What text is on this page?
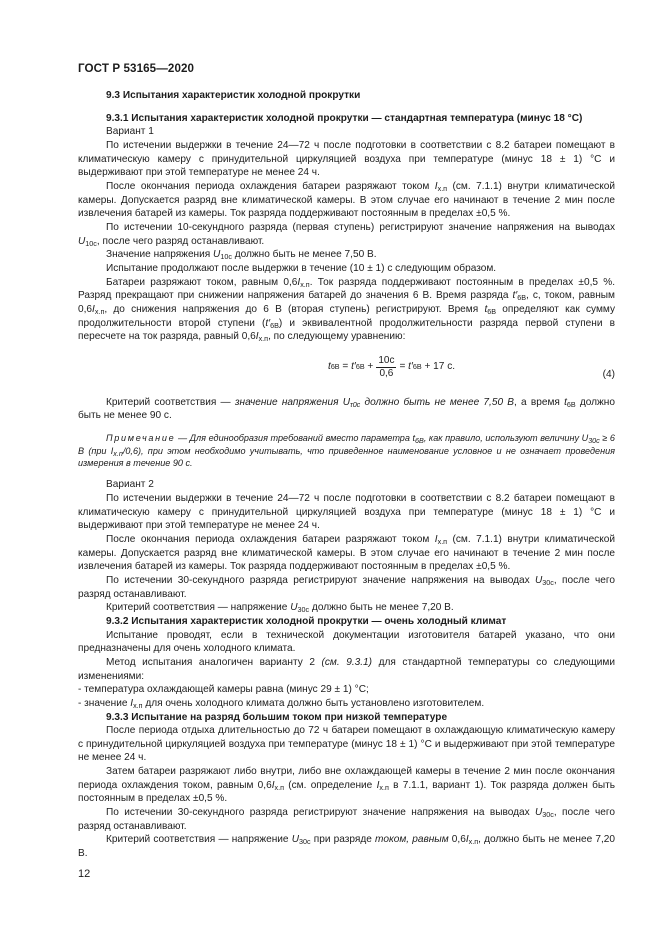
ГОСТ Р 53165—2020

9.3 Испытания характеристик холодной прокрутки

9.3.1 Испытания характеристик холодной прокрутки — стандартная температура (минус 18 °С)

Вариант 1

По истечении выдержки в течение 24—72 ч после подготовки в соответствии с 8.2 батареи помещают в климатическую камеру с принудительной циркуляцией воздуха при температуре (минус 18 ± 1) °С и выдерживают при этой температуре не менее 24 ч.

После окончания периода охлаждения батареи разряжают током $I_{х.п}$ (см. 7.1.1) внутри климатической камеры. Допускается разряд вне климатической камеры. В этом случае его начинают в течение 2 мин после извлечения батарей из камеры. Ток разряда поддерживают постоянным в пределах ±0,5 %.

По истечении 10-секундного разряда (первая ступень) регистрируют значение напряжения на выводах $U_{10с}$, после чего разряд останавливают.

Значение напряжения $U_{10с}$ должно быть не менее 7,50 В.

Испытание продолжают после выдержки в течение (10 ± 1) с следующим образом.

Батареи разряжают током, равным $0,6I_{х.п}$. Ток разряда поддерживают постоянным в пределах ±0,5 %. Разряд прекращают при снижении напряжения батарей до значения 6 В. Время разряда $t'_{6В}$, с, током, равным $0,6I_{х.п}$, до снижения напряжения до 6 В (вторая ступень) регистрируют. Время $t_{6В}$ определяют как сумму продолжительности второй ступени $(t'_{6В})$ и эквивалентной продолжительности разряда первой ступени в пересчете на ток разряда, равный $0,6I_{х.п}$, по следующему уравнению:

t 6В = t′ $6В + \frac{10с}{0,6} = t'$ 6В
+ 17 с.
(4)

Критерий соответствия — значение напряжения $U_{\tau 0с}$ должно быть не менее 7,50 В, а время $t_{6В}$ должно быть не менее 90 с.

Примечание — Для единообразия требований вместо параметра $t_{6В}$, как правило, используют величину $U_{30с} \ge 6$ В (при $I_{х.п}/0,6$), при этом необходимо учитывать, что приведенное наименование условное и не означает проведения измерения в течение 90 с.

Вариант 2

По истечении выдержки в течение 24—72 ч после подготовки в соответствии с 8.2 батареи помещают в климатическую камеру с принудительной циркуляцией воздуха при температуре (минус 18 ± 1) °С и выдерживают при этой температуре не менее 24 ч.

После окончания периода охлаждения батареи разряжают током $I_{х.п}$ (см. 7.1.1) внутри климатической камеры. Допускается разряд вне климатической камеры. В этом случае его начинают в течение 2 мин после извлечения батарей из камеры. Ток разряда поддерживают постоянным в пределах ±0,5 %.

По истечении 30-секундного разряда регистрируют значение напряжения на выводах $U_{30с}$, после чего разряд останавливают.

Критерий соответствия — напряжение $U_{30с}$ должно быть не менее 7,20 В.

9.3.2 Испытания характеристик холодной прокрутки — очень холодный климат

Испытание проводят, если в технической документации изготовителя батарей указано, что они предназначены для очень холодного климата.

Метод испытания аналогичен варианту 2 (см. 9.3.1) для стандартной температуры со следующими изменениями:

- температура охлаждающей камеры равна (минус 29 ± 1) °С;

- значение $I_{х.п}$ для очень холодного климата должно быть установлено изготовителем.

9.3.3 Испытание на разряд большим током при низкой температуре

После периода отдыха длительностью до 72 ч батареи помещают в охлаждающую климатическую камеру с принудительной циркуляцией воздуха при температуре (минус 18 ± 1) °С и выдерживают при этой температуре не менее 24 ч.

Затем батареи разряжают либо внутри, либо вне охлаждающей камеры в течение 2 мин после окончания периода охлаждения током, равным $0,6I_{х.п}$ (см. определение $I_{х.п}$ в 7.1.1, вариант 1). Ток разряда должен быть постоянным в пределах ±0,5 %.

По истечении 30-секундного разряда регистрируют значение напряжения на выводах $U_{30с}$, после чего разряд останавливают.

Критерий соответствия — напряжение $U_{30с}$ при разряде током, равным $0,6I_{х.п}$, должно быть не менее 7,20 В.

12
